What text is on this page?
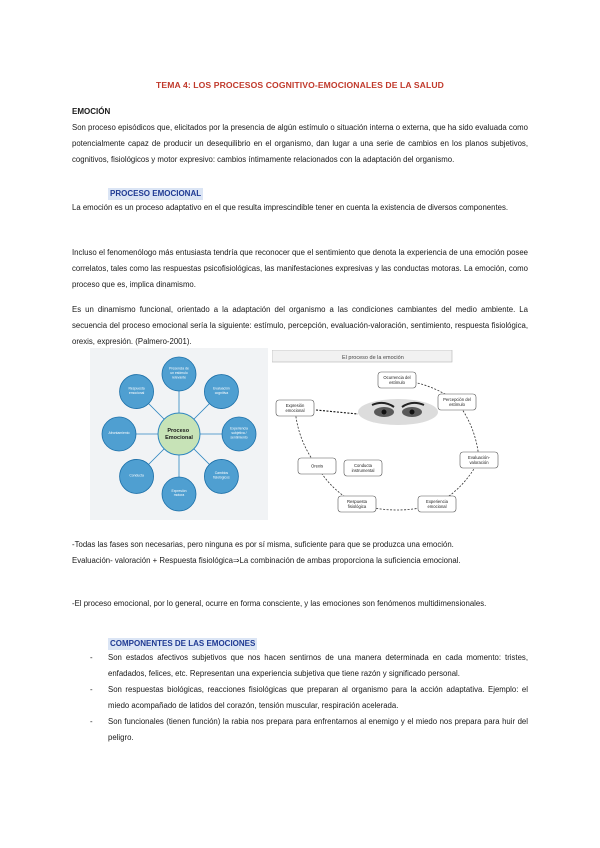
TEMA 4: LOS PROCESOS COGNITIVO-EMOCIONALES DE LA SALUD
EMOCIÓN
Son proceso episódicos que, elicitados por la presencia de algún estímulo o situación interna o externa, que ha sido evaluada como potencialmente capaz de producir un desequilibrio en el organismo, dan lugar a una serie de cambios en los planos subjetivos, cognitivos, fisiológicos y motor expresivo: cambios íntimamente relacionados con la adaptación del organismo.
PROCESO EMOCIONAL
La emoción es un proceso adaptativo en el que resulta imprescindible tener en cuenta la existencia de diversos componentes.
Incluso el fenomenólogo más entusiasta tendría que reconocer que el sentimiento que denota la experiencia de una emoción posee correlatos, tales como las respuestas psicofisiológicas, las manifestaciones expresivas y las conductas motoras. La emoción, como proceso que es, implica dinamismo.
Es un dinamismo funcional, orientado a la adaptación del organismo a las condiciones cambiantes del medio ambiente. La secuencia del proceso emocional sería la siguiente: estímulo, percepción, evaluación-valoración, sentimiento, respuesta fisiológica, orexis, expresión. (Palmero-2001).
Presencia de un estímulo relevante
Evaluación cognitiva
Experiencia subjetiva / sentimiento
Cambios fisiológicos
Expresión motora
Conducta
Afrontamiento
Respuesta emocional
Proceso Emocional
El proceso de la emoción
Ocurrencia del estímulo
Percepción del estímulo
Evaluación-valoración
Experiencia emocional
Respuesta fisiológica
Orexis
Expresión emocional
Conducta instrumental
-Todas las fases son necesarias, pero ninguna es por sí misma, suficiente para que se produzca una emoción.
Evaluación- valoración + Respuesta fisiológica⇒La combinación de ambas proporciona la suficiencia emocional.
-El proceso emocional, por lo general, ocurre en forma consciente, y las emociones son fenómenos multidimensionales.
COMPONENTES DE LAS EMOCIONES
- Son estados afectivos subjetivos que nos hacen sentirnos de una manera determinada en cada momento: tristes, enfadados, felices, etc. Representan una experiencia subjetiva que tiene razón y significado personal.
- Son respuestas biológicas, reacciones fisiológicas que preparan al organismo para la acción adaptativa. Ejemplo: el miedo acompañado de latidos del corazón, tensión muscular, respiración acelerada.
- Son funcionales (tienen función) la rabia nos prepara para enfrentarnos al enemigo y el miedo nos prepara para huir del peligro.
